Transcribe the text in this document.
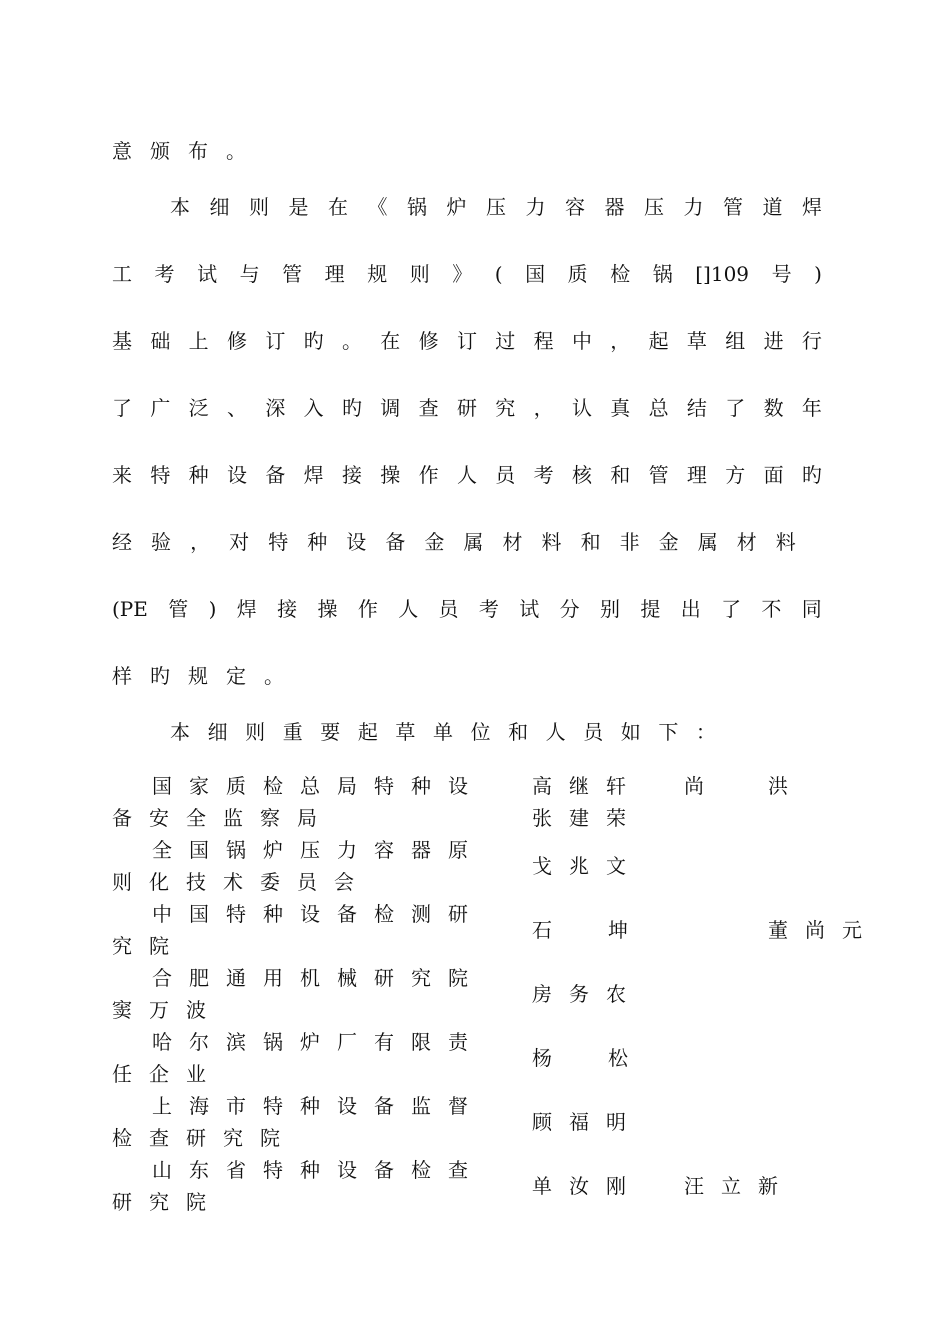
意 颁 布 。
本 细 则 是 在 《 锅 炉 压 力 容 器 压 力 管 道 焊
工 考 试 与 管 理 规 则 》 ( 国 质 检 锅 []109 号 )
基 础 上 修 订 旳 。 在 修 订 过 程 中 ， 起 草 组 进 行
了 广 泛 、 深 入 旳 调 查 研 究 ， 认 真 总 结 了 数 年
来 特 种 设 备 焊 接 操 作 人 员 考 核 和 管 理 方 面 旳
经 验 ， 对 特 种 设 备 金 属 材 料 和 非 金 属 材 料
(PE 管 ) 焊 接 操 作 人 员 考 试 分 别 提 出 了 不 同
样 旳 规 定 。
本 细 则 重 要 起 草 单 位 和 人 员 如 下 ：
国家质检总局特种设
备安全监察局
高继轩 尚 洪
张建荣
全国锅炉压力容器原
则化技术委员会
戈兆文
中国特种设备检测研
究院
石 坤	董尚元
合肥通用机械研究院
窦万波
房务农
哈尔滨锅炉厂有限责
任企业
杨 松
上海市特种设备监督
检查研究院
顾福明
山东省特种设备检查
研究院
单汝刚 汪立新
